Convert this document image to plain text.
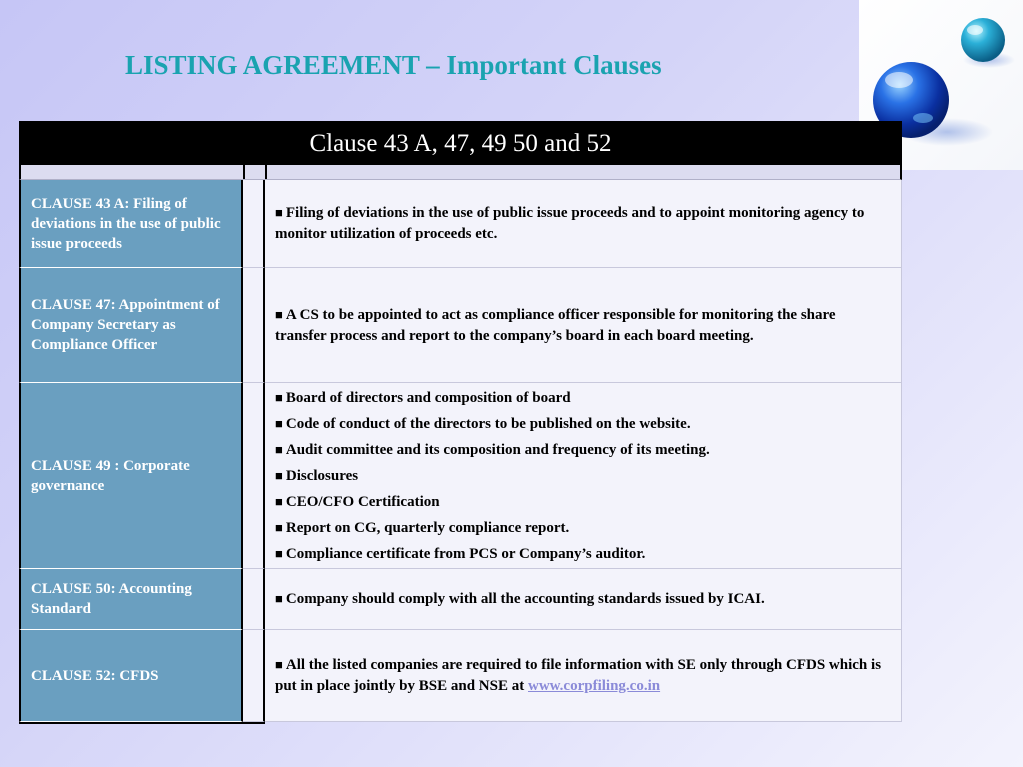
LISTING AGREEMENT – Important Clauses
Clause 43 A, 47, 49 50 and 52
CLAUSE 43 A: Filing of deviations in the use of public issue proceeds
■ Filing of deviations in the use of public issue proceeds and to appoint monitoring agency to monitor utilization of proceeds etc.
CLAUSE 47: Appointment of Company Secretary as Compliance Officer
■ A CS to be appointed to act as compliance officer responsible for monitoring the share transfer process and report to the company’s board in each board meeting.
CLAUSE 49 : Corporate governance
■ Board of directors and composition of board
■ Code of conduct of the directors to be published on the website.
■ Audit committee and its composition and frequency of its meeting.
■ Disclosures
■ CEO/CFO Certification
■ Report on CG, quarterly compliance report.
■ Compliance certificate from PCS or Company’s auditor.
CLAUSE 50: Accounting Standard
■ Company should comply with all the accounting standards issued by ICAI.
CLAUSE 52: CFDS
■ All the listed companies are required to file information with SE only through CFDS which is put in place jointly by BSE and NSE at www.corpfiling.co.in
